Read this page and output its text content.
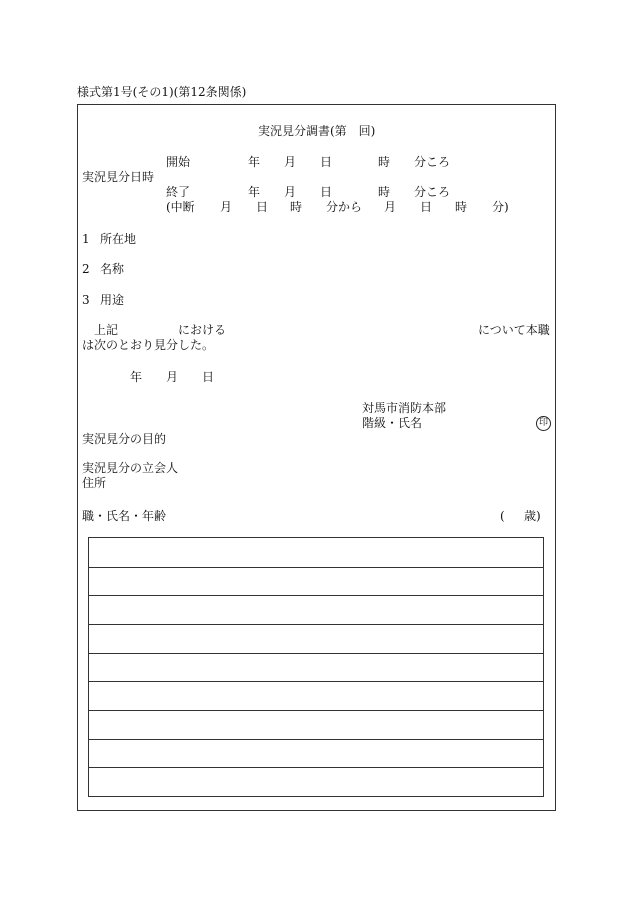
様式第1号(その1)(第12条関係)
実況見分調書(第　回)
開始	年 月 日	時 分ころ
実況見分日時
終了	年 月 日	時 分ころ
(中断 月 日 時 分から 月 日 時 分)
1 所在地
2 名称
3 用途
上記	における	について本職
は次のとおり見分した。
年 月 日
対馬市消防本部
階級・氏名	印
実況見分の目的
実況見分の立会人
住所
職・氏名・年齢	( 歳)
